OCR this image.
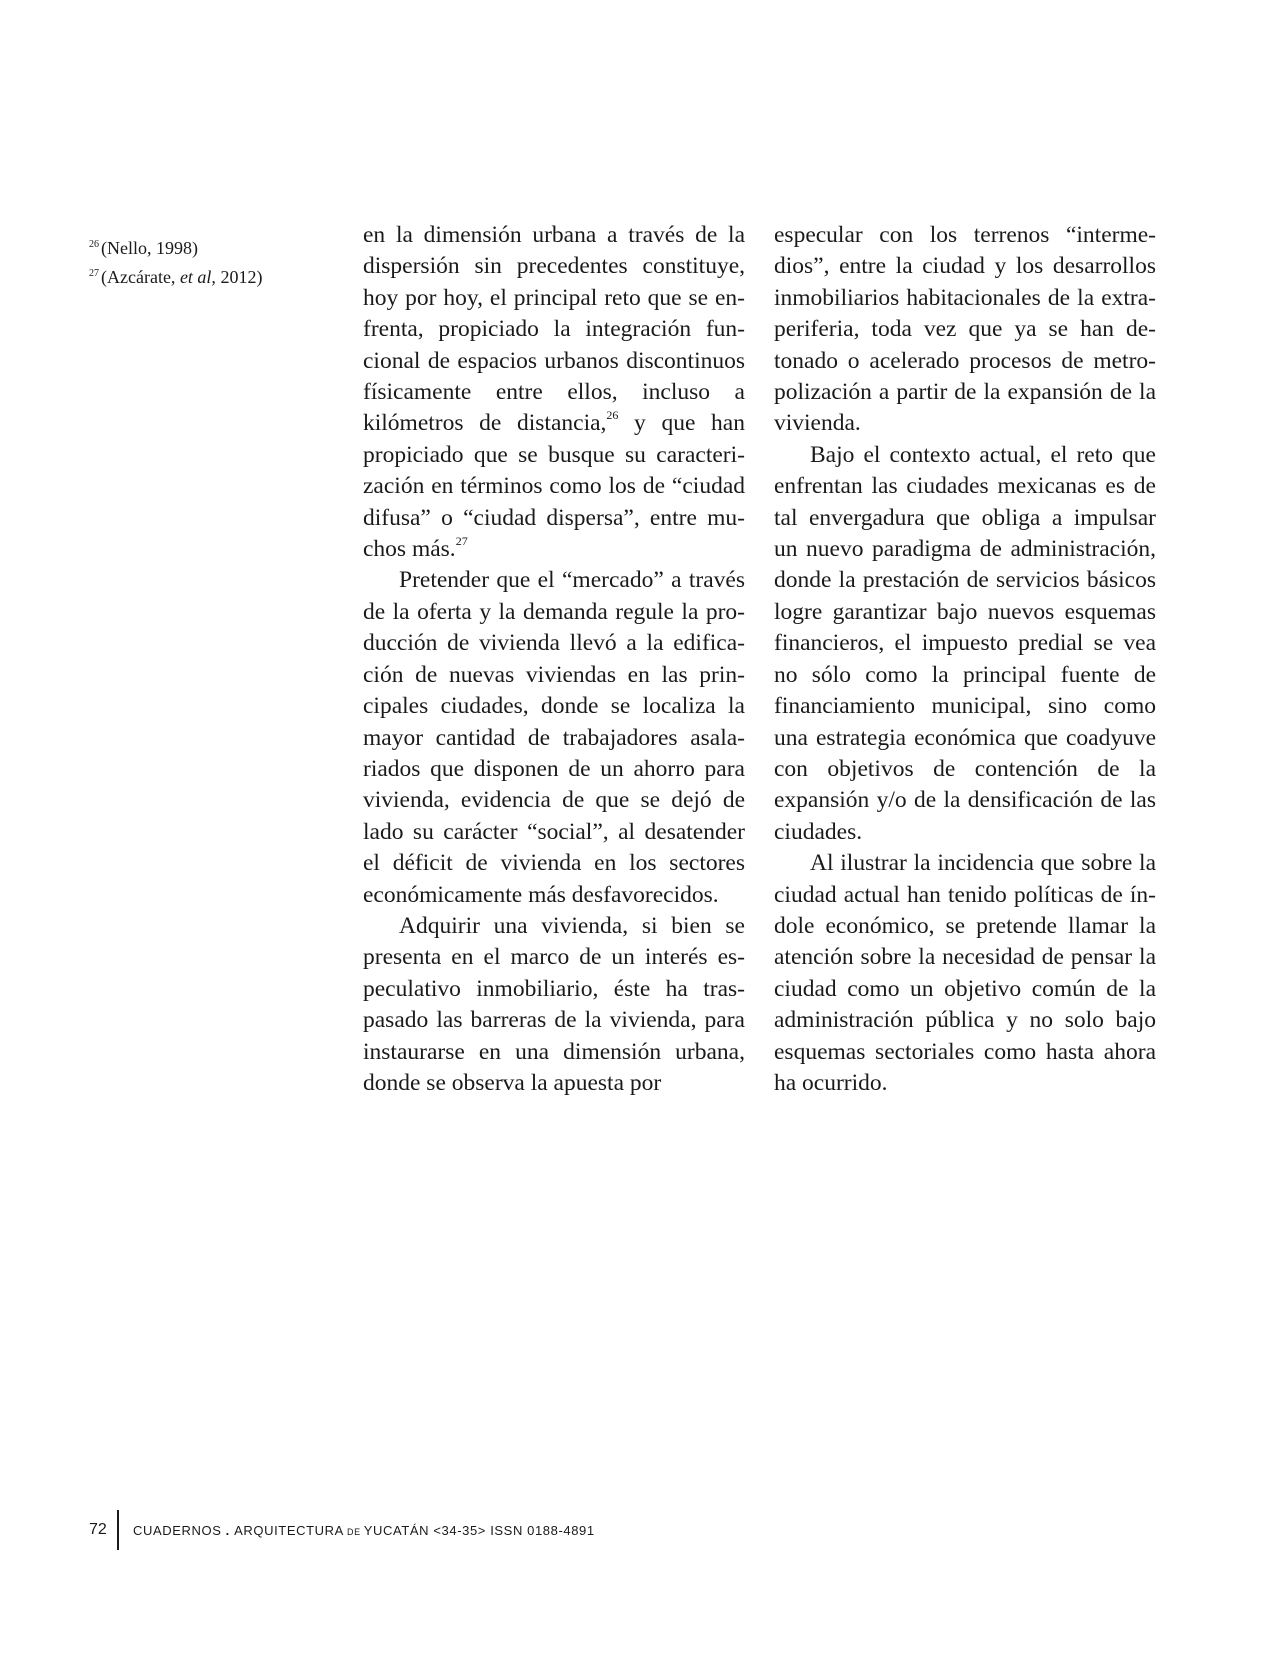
$^{26}$ (Nello, 1998)
$^{27}$ (Azcárate, et al, 2012)

en la dimensión urbana a través de la dispersión sin precedentes constituye, hoy por hoy, el principal reto que se enfrenta, propiciado la integración funcional de espacios urbanos discontinuos físicamente entre ellos, incluso a kilómetros de distancia,$^{26}$ y que han propiciado que se busque su caracterización en términos como los de “ciudad difusa” o “ciudad dispersa”, entre muchos más.$^{27}$

Pretender que el “mercado” a través de la oferta y la demanda regule la producción de vivienda llevó a la edificación de nuevas viviendas en las principales ciudades, donde se localiza la mayor cantidad de trabajadores asalariados que disponen de un ahorro para vivienda, evidencia de que se dejó de lado su carácter “social”, al desatender el déficit de vivienda en los sectores económicamente más desfavorecidos.

Adquirir una vivienda, si bien se presenta en el marco de un interés especulativo inmobiliario, éste ha traspasado las barreras de la vivienda, para instaurarse en una dimensión urbana, donde se observa la apuesta por

especular con los terrenos “intermedios”, entre la ciudad y los desarrollos inmobiliarios habitacionales de la extra-periferia, toda vez que ya se han detonado o acelerado procesos de metropolización a partir de la expansión de la vivienda.

Bajo el contexto actual, el reto que enfrentan las ciudades mexicanas es de tal envergadura que obliga a impulsar un nuevo paradigma de administración, donde la prestación de servicios básicos logre garantizar bajo nuevos esquemas financieros, el impuesto predial se vea no sólo como la principal fuente de financiamiento municipal, sino como una estrategia económica que coadyuve con objetivos de contención de la expansión y/o de la densificación de las ciudades.

Al ilustrar la incidencia que sobre la ciudad actual han tenido políticas de índole económico, se pretende llamar la atención sobre la necesidad de pensar la ciudad como un objetivo común de la administración pública y no solo bajo esquemas sectoriales como hasta ahora ha ocurrido.

72	CUADERNOS . ARQUITECTURA DE YUCATÁN <34-35> ISSN 0188-4891
